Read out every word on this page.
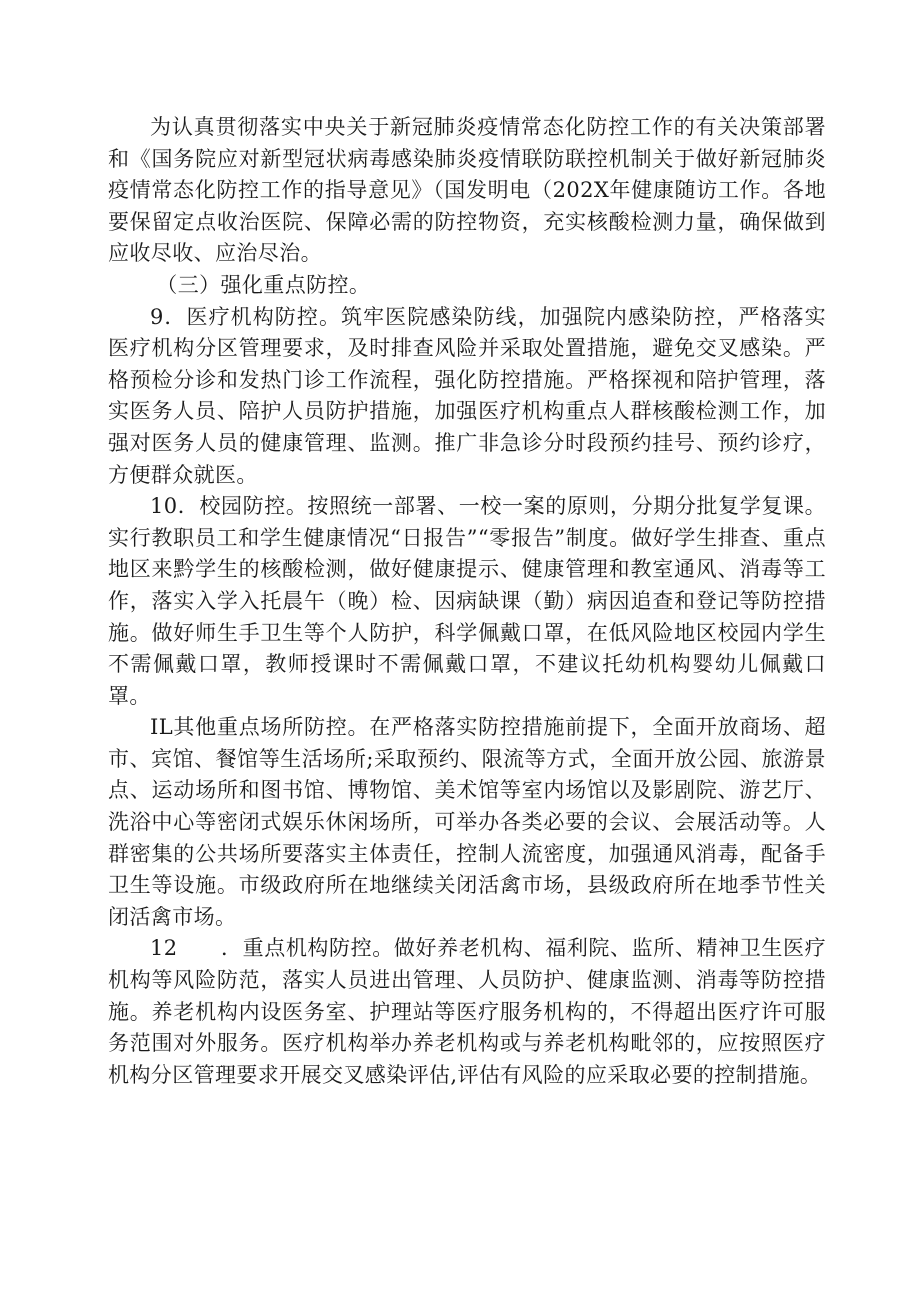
为认真贯彻落实中央关于新冠肺炎疫情常态化防控工作的有关决策部署和《国务院应对新型冠状病毒感染肺炎疫情联防联控机制关于做好新冠肺炎疫情常态化防控工作的指导意见》（国发明电（202X年健康随访工作。各地要保留定点收治医院、保障必需的防控物资，充实核酸检测力量，确保做到应收尽收、应治尽治。

（三）强化重点防控。

9．医疗机构防控。筑牢医院感染防线，加强院内感染防控，严格落实医疗机构分区管理要求，及时排查风险并采取处置措施，避免交叉感染。严格预检分诊和发热门诊工作流程，强化防控措施。严格探视和陪护管理，落实医务人员、陪护人员防护措施，加强医疗机构重点人群核酸检测工作，加强对医务人员的健康管理、监测。推广非急诊分时段预约挂号、预约诊疗，方便群众就医。

10．校园防控。按照统一部署、一校一案的原则，分期分批复学复课。实行教职员工和学生健康情况“日报告”“零报告”制度。做好学生排查、重点地区来黔学生的核酸检测，做好健康提示、健康管理和教室通风、消毒等工作，落实入学入托晨午（晚）检、因病缺课（勤）病因追查和登记等防控措施。做好师生手卫生等个人防护，科学佩戴口罩，在低风险地区校园内学生不需佩戴口罩，教师授课时不需佩戴口罩，不建议托幼机构婴幼儿佩戴口罩。

IL其他重点场所防控。在严格落实防控措施前提下，全面开放商场、超市、宾馆、餐馆等生活场所;采取预约、限流等方式，全面开放公园、旅游景点、运动场所和图书馆、博物馆、美术馆等室内场馆以及影剧院、游艺厅、洗浴中心等密闭式娱乐休闲场所，可举办各类必要的会议、会展活动等。人群密集的公共场所要落实主体责任，控制人流密度，加强通风消毒，配备手卫生等设施。市级政府所在地继续关闭活禽市场，县级政府所在地季节性关闭活禽市场。

12　　．重点机构防控。做好养老机构、福利院、监所、精神卫生医疗机构等风险防范，落实人员进出管理、人员防护、健康监测、消毒等防控措施。养老机构内设医务室、护理站等医疗服务机构的，不得超出医疗许可服务范围对外服务。医疗机构举办养老机构或与养老机构毗邻的，应按照医疗机构分区管理要求开展交叉感染评估,评估有风险的应采取必要的控制措施。
